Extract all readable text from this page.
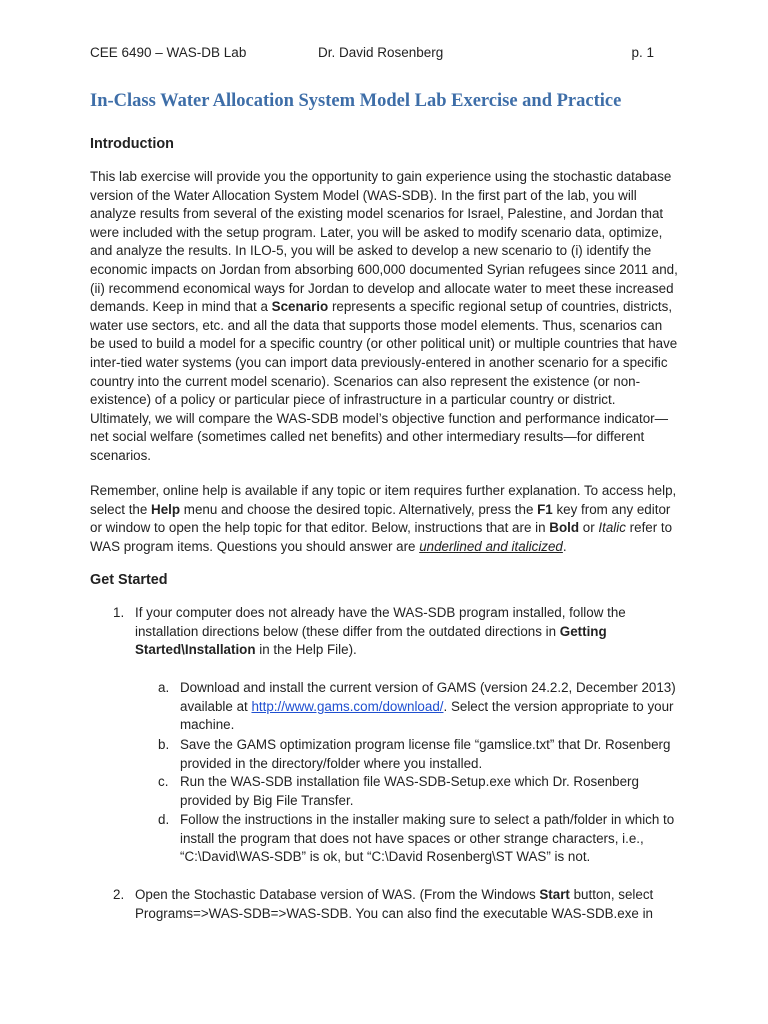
CEE 6490 – WAS-DB Lab	Dr. David Rosenberg	p. 1
In-Class Water Allocation System Model Lab Exercise and Practice
Introduction
This lab exercise will provide you the opportunity to gain experience using the stochastic database version of the Water Allocation System Model (WAS-SDB). In the first part of the lab, you will analyze results from several of the existing model scenarios for Israel, Palestine, and Jordan that were included with the setup program. Later, you will be asked to modify scenario data, optimize, and analyze the results. In ILO-5, you will be asked to develop a new scenario to (i) identify the economic impacts on Jordan from absorbing 600,000 documented Syrian refugees since 2011 and, (ii) recommend economical ways for Jordan to develop and allocate water to meet these increased demands. Keep in mind that a Scenario represents a specific regional setup of countries, districts, water use sectors, etc. and all the data that supports those model elements. Thus, scenarios can be used to build a model for a specific country (or other political unit) or multiple countries that have inter-tied water systems (you can import data previously-entered in another scenario for a specific country into the current model scenario). Scenarios can also represent the existence (or non-existence) of a policy or particular piece of infrastructure in a particular country or district. Ultimately, we will compare the WAS-SDB model’s objective function and performance indicator—net social welfare (sometimes called net benefits) and other intermediary results—for different scenarios.
Remember, online help is available if any topic or item requires further explanation. To access help, select the Help menu and choose the desired topic. Alternatively, press the F1 key from any editor or window to open the help topic for that editor. Below, instructions that are in Bold or Italic refer to WAS program items. Questions you should answer are underlined and italicized.
Get Started
1. If your computer does not already have the WAS-SDB program installed, follow the installation directions below (these differ from the outdated directions in Getting Started\Installation in the Help File).
a. Download and install the current version of GAMS (version 24.2.2, December 2013) available at http://www.gams.com/download/. Select the version appropriate to your machine.
b. Save the GAMS optimization program license file “gamslice.txt” that Dr. Rosenberg provided in the directory/folder where you installed.
c. Run the WAS-SDB installation file WAS-SDB-Setup.exe which Dr. Rosenberg provided by Big File Transfer.
d. Follow the instructions in the installer making sure to select a path/folder in which to install the program that does not have spaces or other strange characters, i.e., “C:\David\WAS-SDB” is ok, but “C:\David Rosenberg\ST WAS” is not.
2. Open the Stochastic Database version of WAS. (From the Windows Start button, select Programs=>WAS-SDB=>WAS-SDB. You can also find the executable WAS-SDB.exe in
